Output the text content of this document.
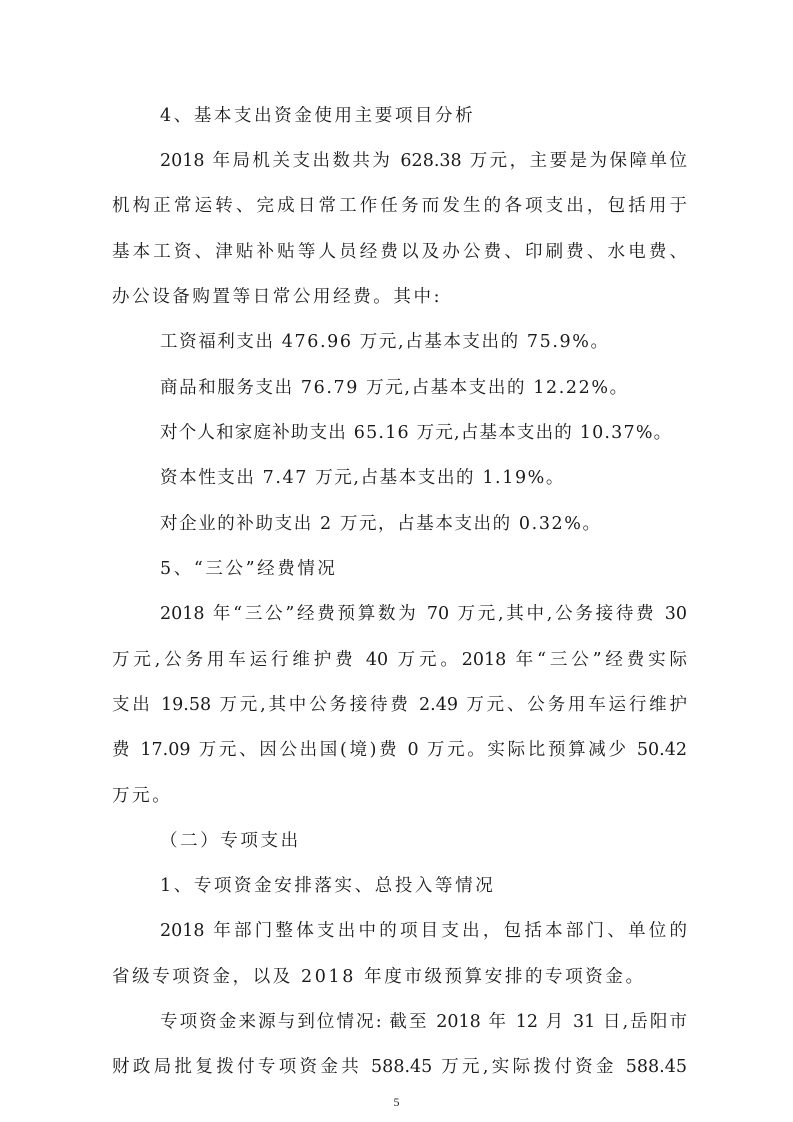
4、基本支出资金使用主要项目分析
2018 年局机关支出数共为 628.38 万元，主要是为保障单位
机构正常运转、完成日常工作任务而发生的各项支出，包括用于
基本工资、津贴补贴等人员经费以及办公费、印刷费、水电费、
办公设备购置等日常公用经费。其中:
工资福利支出 476.96 万元,占基本支出的 75.9%。
商品和服务支出 76.79 万元,占基本支出的 12.22%。
对个人和家庭补助支出 65.16 万元,占基本支出的 10.37%。
资本性支出 7.47 万元,占基本支出的 1.19%。
对企业的补助支出 2 万元，占基本支出的 0.32%。
5、“三公”经费情况
2018 年“三公”经费预算数为 70 万元,其中,公务接待费 30
万元,公务用车运行维护费 40 万元。2018 年“三公”经费实际
支出 19.58 万元,其中公务接待费 2.49 万元、公务用车运行维护
费 17.09 万元、因公出国(境)费 0 万元。实际比预算减少 50.42
万元。
（二）专项支出
1、专项资金安排落实、总投入等情况
2018 年部门整体支出中的项目支出，包括本部门、单位的
省级专项资金，以及 2018 年度市级预算安排的专项资金。
专项资金来源与到位情况: 截至 2018 年 12 月 31 日,岳阳市
财政局批复拨付专项资金共 588.45 万元,实际拨付资金 588.45
5
